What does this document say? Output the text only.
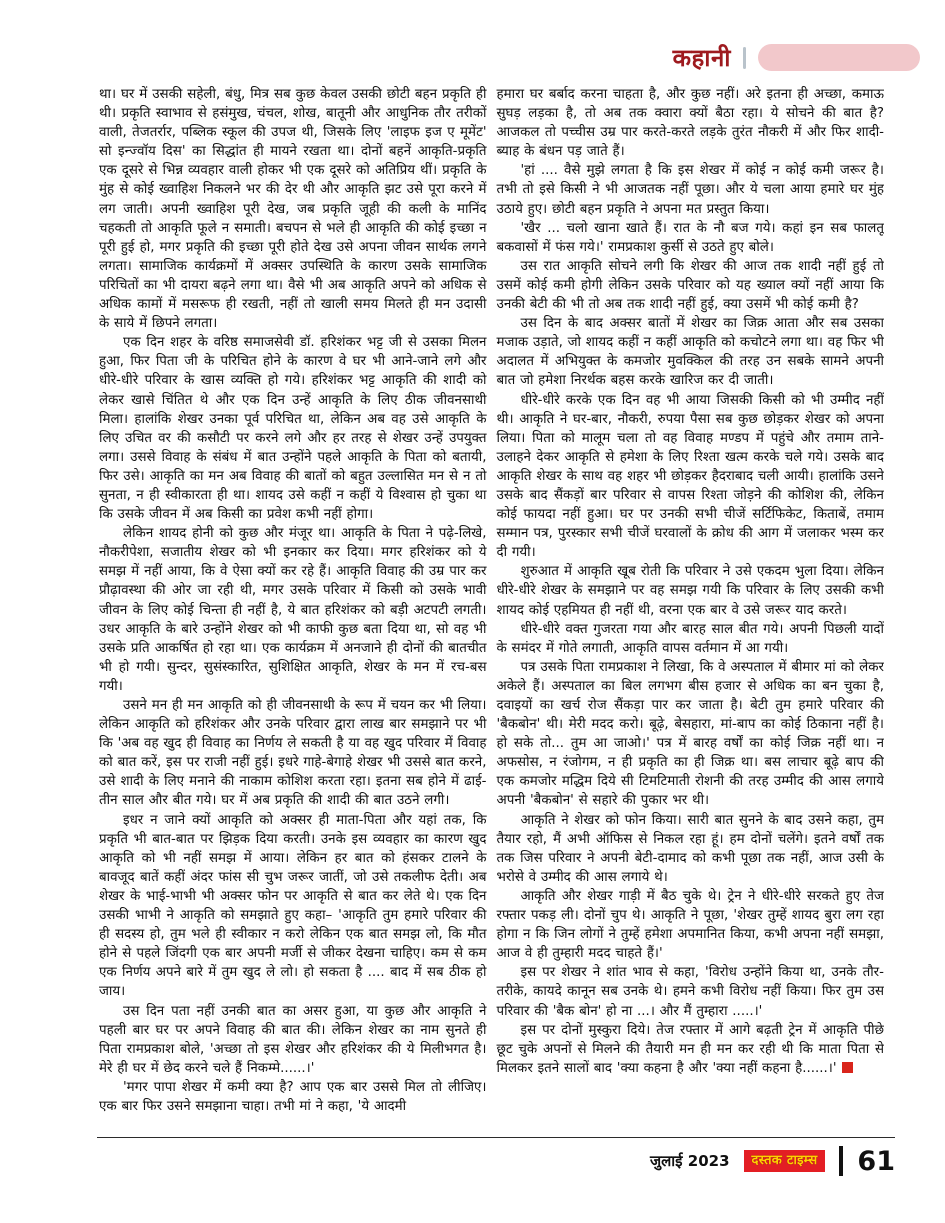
कहानी

था। घर में उसकी सहेली, बंधु, मित्र सब कुछ केवल उसकी छोटी बहन प्रकृति ही थी। प्रकृति स्वाभाव से हसंमुख, चंचल, शोख, बातूनी और आधुनिक तौर तरीकों वाली, तेजतर्रार, पब्लिक स्कूल की उपज थी, जिसके लिए 'लाइफ इज ए मूमेंट' सो इन्ज्वॉय दिस' का सिद्धांत ही मायने रखता था। दोनों बहनें आकृति-प्रकृति एक दूसरे से भिन्न व्यवहार वाली होकर भी एक दूसरे को अतिप्रिय थीं। प्रकृति के मुंह से कोई ख्वाहिश निकलने भर की देर थी और आकृति झट उसे पूरा करने में लग जाती। अपनी ख्वाहिश पूरी देख, जब प्रकृति जूही की कली के मानिंद चहकती तो आकृति फूले न समाती। बचपन से भले ही आकृति की कोई इच्छा न पूरी हुई हो, मगर प्रकृति की इच्छा पूरी होते देख उसे अपना जीवन सार्थक लगने लगता। सामाजिक कार्यक्रमों में अक्सर उपस्थिति के कारण उसके सामाजिक परिचितों का भी दायरा बढ़ने लगा था। वैसे भी अब आकृति अपने को अधिक से अधिक कामों में मसरूफ ही रखती, नहीं तो खाली समय मिलते ही मन उदासी के साये में छिपने लगता।

एक दिन शहर के वरिष्ठ समाजसेवी डॉ. हरिशंकर भट्ट जी से उसका मिलन हुआ, फिर पिता जी के परिचित होने के कारण वे घर भी आने-जाने लगे और धीरे-धीरे परिवार के खास व्यक्ति हो गये। हरिशंकर भट्ट आकृति की शादी को लेकर खासे चिंतित थे और एक दिन उन्हें आकृति के लिए ठीक जीवनसाथी मिला। हालांकि शेखर उनका पूर्व परिचित था, लेकिन अब वह उसे आकृति के लिए उचित वर की कसौटी पर करने लगे और हर तरह से शेखर उन्हें उपयुक्त लगा। उससे विवाह के संबंध में बात उन्होंने पहले आकृति के पिता को बतायी, फिर उसे। आकृति का मन अब विवाह की बातों को बहुत उल्लासित मन से न तो सुनता, न ही स्वीकारता ही था। शायद उसे कहीं न कहीं ये विश्वास हो चुका था कि उसके जीवन में अब किसी का प्रवेश कभी नहीं होगा।

लेकिन शायद होनी को कुछ और मंजूर था। आकृति के पिता ने पढ़े-लिखे, नौकरीपेशा, सजातीय शेखर को भी इनकार कर दिया। मगर हरिशंकर को ये समझ में नहीं आया, कि वे ऐसा क्यों कर रहे हैं। आकृति विवाह की उम्र पार कर प्रौढ़ावस्था की ओर जा रही थी, मगर उसके परिवार में किसी को उसके भावी जीवन के लिए कोई चिन्ता ही नहीं है, ये बात हरिशंकर को बड़ी अटपटी लगती। उधर आकृति के बारे उन्होंने शेखर को भी काफी कुछ बता दिया था, सो वह भी उसके प्रति आकर्षित हो रहा था। एक कार्यक्रम में अनजाने ही दोनों की बातचीत भी हो गयी। सुन्दर, सुसंस्कारित, सुशिक्षित आकृति, शेखर के मन में रच-बस गयी।

उसने मन ही मन आकृति को ही जीवनसाथी के रूप में चयन कर भी लिया। लेकिन आकृति को हरिशंकर और उनके परिवार द्वारा लाख बार समझाने पर भी कि 'अब वह खुद ही विवाह का निर्णय ले सकती है या वह खुद परिवार में विवाह को बात करें, इस पर राजी नहीं हुई। इधरे गाहे-बेगाहे शेखर भी उससे बात करने, उसे शादी के लिए मनाने की नाकाम कोशिश करता रहा। इतना सब होने में ढाई-तीन साल और बीत गये। घर में अब प्रकृति की शादी की बात उठने लगी।

इधर न जाने क्यों आकृति को अक्सर ही माता-पिता और यहां तक, कि प्रकृति भी बात-बात पर झिड़क दिया करती। उनके इस व्यवहार का कारण खुद आकृति को भी नहीं समझ में आया। लेकिन हर बात को हंसकर टालने के बावजूद बातें कहीं अंदर फांस सी चुभ जरूर जातीं, जो उसे तकलीफ देती। अब शेखर के भाई-भाभी भी अक्सर फोन पर आकृति से बात कर लेते थे। एक दिन उसकी भाभी ने आकृति को समझाते हुए कहा– 'आकृति तुम हमारे परिवार की ही सदस्य हो, तुम भले ही स्वीकार न करो लेकिन एक बात समझ लो, कि मौत होने से पहले जिंदगी एक बार अपनी मर्जी से जीकर देखना चाहिए। कम से कम एक निर्णय अपने बारे में तुम खुद ले लो। हो सकता है .... बाद में सब ठीक हो जाय।

उस दिन पता नहीं उनकी बात का असर हुआ, या कुछ और आकृति ने पहली बार घर पर अपने विवाह की बात की। लेकिन शेखर का नाम सुनते ही पिता रामप्रकाश बोले, 'अच्छा तो इस शेखर और हरिशंकर की ये मिलीभगत है। मेरे ही घर में छेद करने चले हैं निकम्मे......।'

'मगर पापा शेखर में कमी क्या है? आप एक बार उससे मिल तो लीजिए। एक बार फिर उसने समझाना चाहा। तभी मां ने कहा, 'ये आदमी

हमारा घर बर्बाद करना चाहता है, और कुछ नहीं। अरे इतना ही अच्छा, कमाऊ सुघड़ लड़का है, तो अब तक क्वारा क्यों बैठा रहा। ये सोचने की बात है? आजकल तो पच्चीस उम्र पार करते-करते लड़के तुरंत नौकरी में और फिर शादी-ब्याह के बंधन पड़ जाते हैं।

'हां .... वैसे मुझे लगता है कि इस शेखर में कोई न कोई कमी जरूर है। तभी तो इसे किसी ने भी आजतक नहीं पूछा। और ये चला आया हमारे घर मुंह उठाये हुए। छोटी बहन प्रकृति ने अपना मत प्रस्तुत किया।

'खैर ... चलो खाना खाते हैं। रात के नौ बज गये। कहां इन सब फालतू बकवासों में फंस गये।' रामप्रकाश कुर्सी से उठते हुए बोले।

उस रात आकृति सोचने लगी कि शेखर की आज तक शादी नहीं हुई तो उसमें कोई कमी होगी लेकिन उसके परिवार को यह ख्याल क्यों नहीं आया कि उनकी बेटी की भी तो अब तक शादी नहीं हुई, क्या उसमें भी कोई कमी है?

उस दिन के बाद अक्सर बातों में शेखर का जिक्र आता और सब उसका मजाक उड़ाते, जो शायद कहीं न कहीं आकृति को कचोटने लगा था। वह फिर भी अदालत में अभियुक्त के कमजोर मुवक्किल की तरह उन सबके सामने अपनी बात जो हमेशा निरर्थक बहस करके खारिज कर दी जाती।

धीरे-धीरे करके एक दिन वह भी आया जिसकी किसी को भी उम्मीद नहीं थी। आकृति ने घर-बार, नौकरी, रुपया पैसा सब कुछ छोड़कर शेखर को अपना लिया। पिता को मालूम चला तो वह विवाह मण्डप में पहुंचे और तमाम ताने-उलाहने देकर आकृति से हमेशा के लिए रिश्ता खत्म करके चले गये। उसके बाद आकृति शेखर के साथ वह शहर भी छोड़कर हैदराबाद चली आयी। हालांकि उसने उसके बाद सैंकड़ों बार परिवार से वापस रिश्ता जोड़ने की कोशिश की, लेकिन कोई फायदा नहीं हुआ। घर पर उनकी सभी चीजें सर्टिफिकेट, किताबें, तमाम सम्मान पत्र, पुरस्कार सभी चीजें घरवालों के क्रोध की आग में जलाकर भस्म कर दी गयी।

शुरुआत में आकृति खूब रोती कि परिवार ने उसे एकदम भुला दिया। लेकिन धीरे-धीरे शेखर के समझाने पर वह समझ गयी कि परिवार के लिए उसकी कभी शायद कोई एहमियत ही नहीं थी, वरना एक बार वे उसे जरूर याद करते।

धीरे-धीरे वक्त गुजरता गया और बारह साल बीत गये। अपनी पिछली यादों के समंदर में गोते लगाती, आकृति वापस वर्तमान में आ गयी।

पत्र उसके पिता रामप्रकाश ने लिखा, कि वे अस्पताल में बीमार मां को लेकर अकेले हैं। अस्पताल का बिल लगभग बीस हजार से अधिक का बन चुका है, दवाइयों का खर्च रोज सैंकड़ा पार कर जाता है। बेटी तुम हमारे परिवार की 'बैकबोन' थी। मेरी मदद करो। बूढ़े, बेसहारा, मां-बाप का कोई ठिकाना नहीं है। हो सके तो... तुम आ जाओ।' पत्र में बारह वर्षों का कोई जिक्र नहीं था। न अफसोस, न रंजोगम, न ही प्रकृति का ही जिक्र था। बस लाचार बूढ़े बाप की एक कमजोर मद्धिम दिये सी टिमटिमाती रोशनी की तरह उम्मीद की आस लगाये अपनी 'बैकबोन' से सहारे की पुकार भर थी।

आकृति ने शेखर को फोन किया। सारी बात सुनने के बाद उसने कहा, तुम तैयार रहो, मैं अभी ऑफिस से निकल रहा हूं। हम दोनों चलेंगे। इतने वर्षों तक तक जिस परिवार ने अपनी बेटी-दामाद को कभी पूछा तक नहीं, आज उसी के भरोसे वे उम्मीद की आस लगाये थे।

आकृति और शेखर गाड़ी में बैठ चुके थे। ट्रेन ने धीरे-धीरे सरकते हुए तेज रफ्तार पकड़ ली। दोनों चुप थे। आकृति ने पूछा, 'शेखर तुम्हें शायद बुरा लग रहा होगा न कि जिन लोगों ने तुम्हें हमेशा अपमानित किया, कभी अपना नहीं समझा, आज वे ही तुम्हारी मदद चाहते हैं।'

इस पर शेखर ने शांत भाव से कहा, 'विरोध उन्होंने किया था, उनके तौर-तरीके, कायदे कानून सब उनके थे। हमने कभी विरोध नहीं किया। फिर तुम उस परिवार की 'बैक बोन' हो ना ...। और मैं तुम्हारा .....।'

इस पर दोनों मुस्कुरा दिये। तेज रफ्तार में आगे बढ़ती ट्रेन में आकृति पीछे छूट चुके अपनों से मिलने की तैयारी मन ही मन कर रही थी कि माता पिता से मिलकर इतने सालों बाद 'क्या कहना है और 'क्या नहीं कहना है......।'

जुलाई 2023	दस्तक टाइम्स 61
